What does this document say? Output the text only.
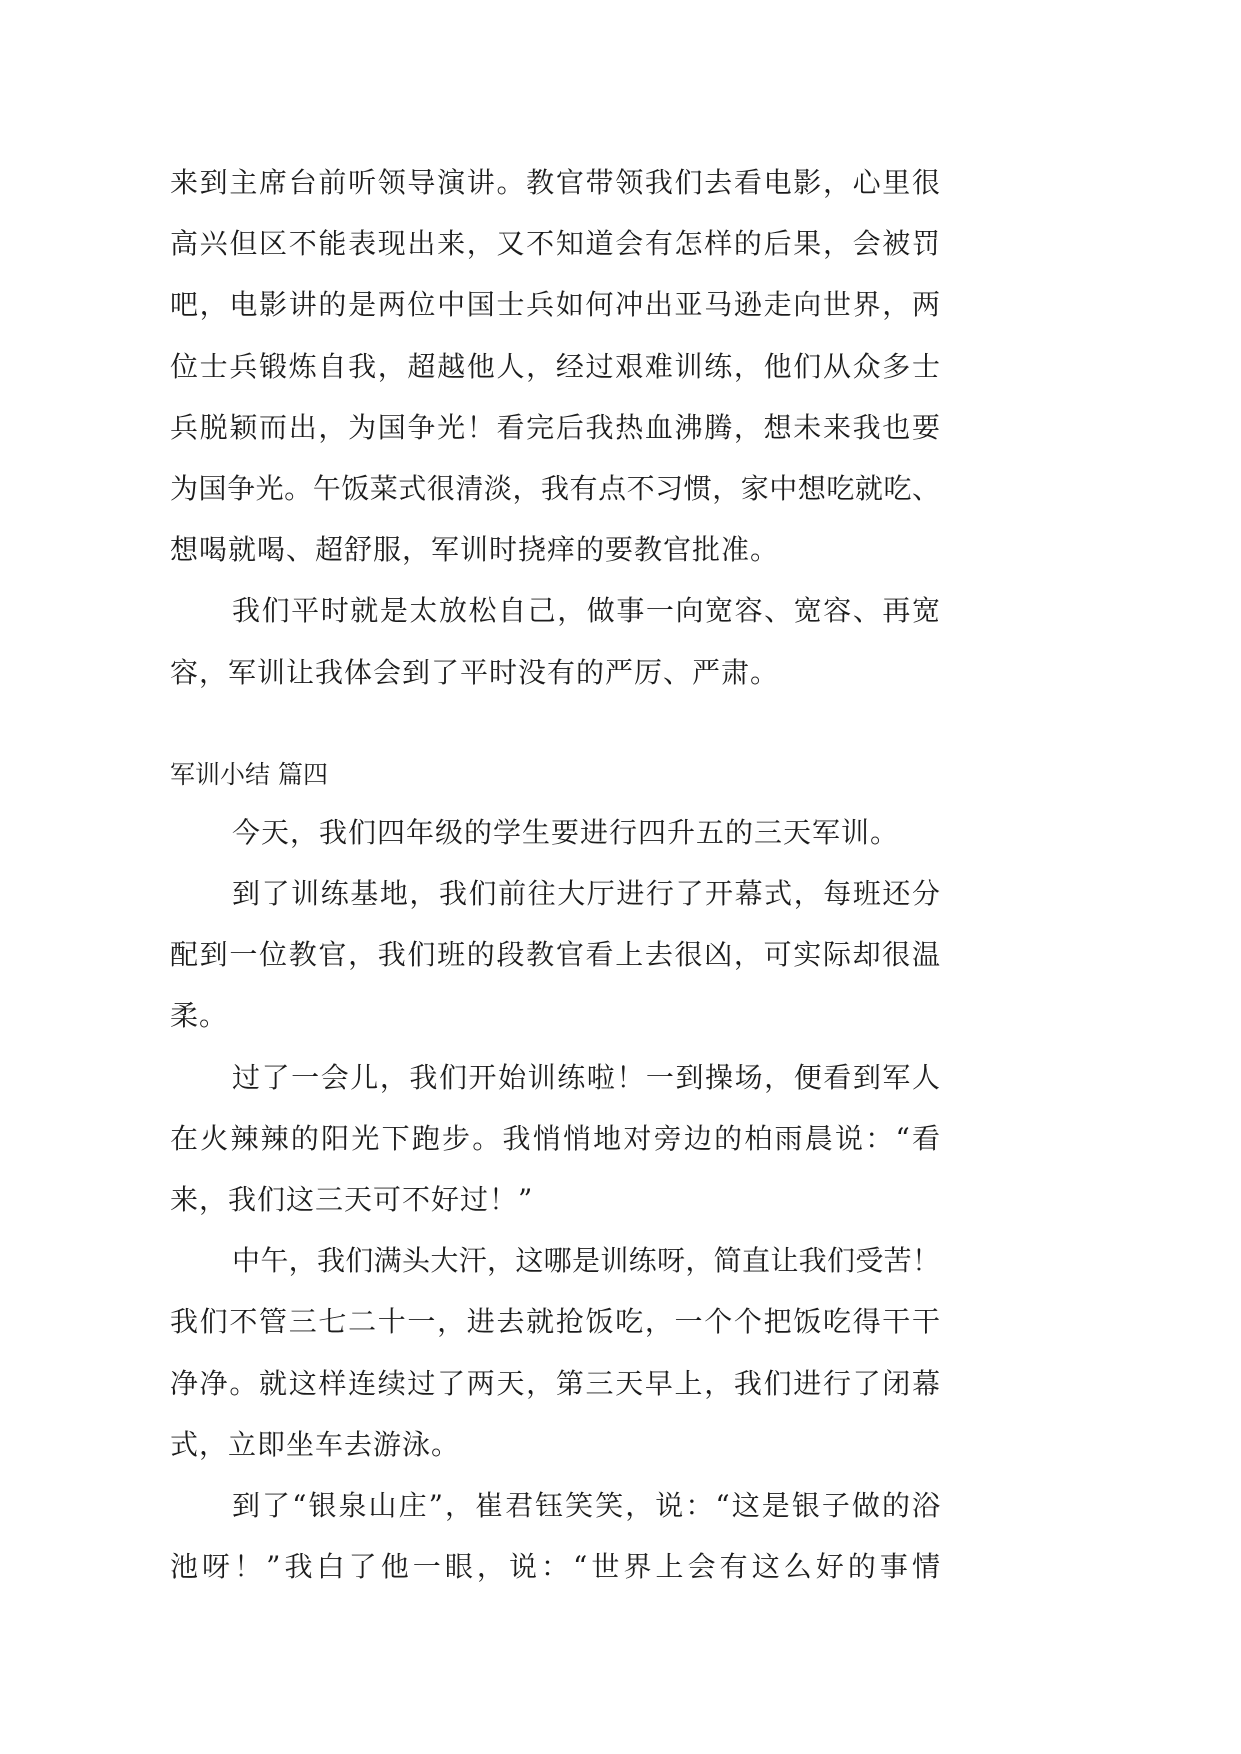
来到主席台前听领导演讲。教官带领我们去看电影，心里很
高兴但区不能表现出来，又不知道会有怎样的后果，会被罚
吧，电影讲的是两位中国士兵如何冲出亚马逊走向世界，两
位士兵锻炼自我，超越他人，经过艰难训练，他们从众多士
兵脱颖而出，为国争光！看完后我热血沸腾，想未来我也要
为国争光。午饭菜式很清淡，我有点不习惯，家中想吃就吃、
想喝就喝、超舒服，军训时挠痒的要教官批准。
我们平时就是太放松自己，做事一向宽容、宽容、再宽
容，军训让我体会到了平时没有的严厉、严肃。
军训小结 篇四
今天，我们四年级的学生要进行四升五的三天军训。
到了训练基地，我们前往大厅进行了开幕式，每班还分
配到一位教官，我们班的段教官看上去很凶，可实际却很温
柔。
过了一会儿，我们开始训练啦！一到操场，便看到军人
在火辣辣的阳光下跑步。我悄悄地对旁边的柏雨晨说：“看
来，我们这三天可不好过！”
中午，我们满头大汗，这哪是训练呀，简直让我们受苦！
我们不管三七二十一，进去就抢饭吃，一个个把饭吃得干干
净净。就这样连续过了两天，第三天早上，我们进行了闭幕
式，立即坐车去游泳。
到了“银泉山庄”，崔君钰笑笑，说：“这是银子做的浴
池呀！”我白了他一眼，说：“世界上会有这么好的事情
